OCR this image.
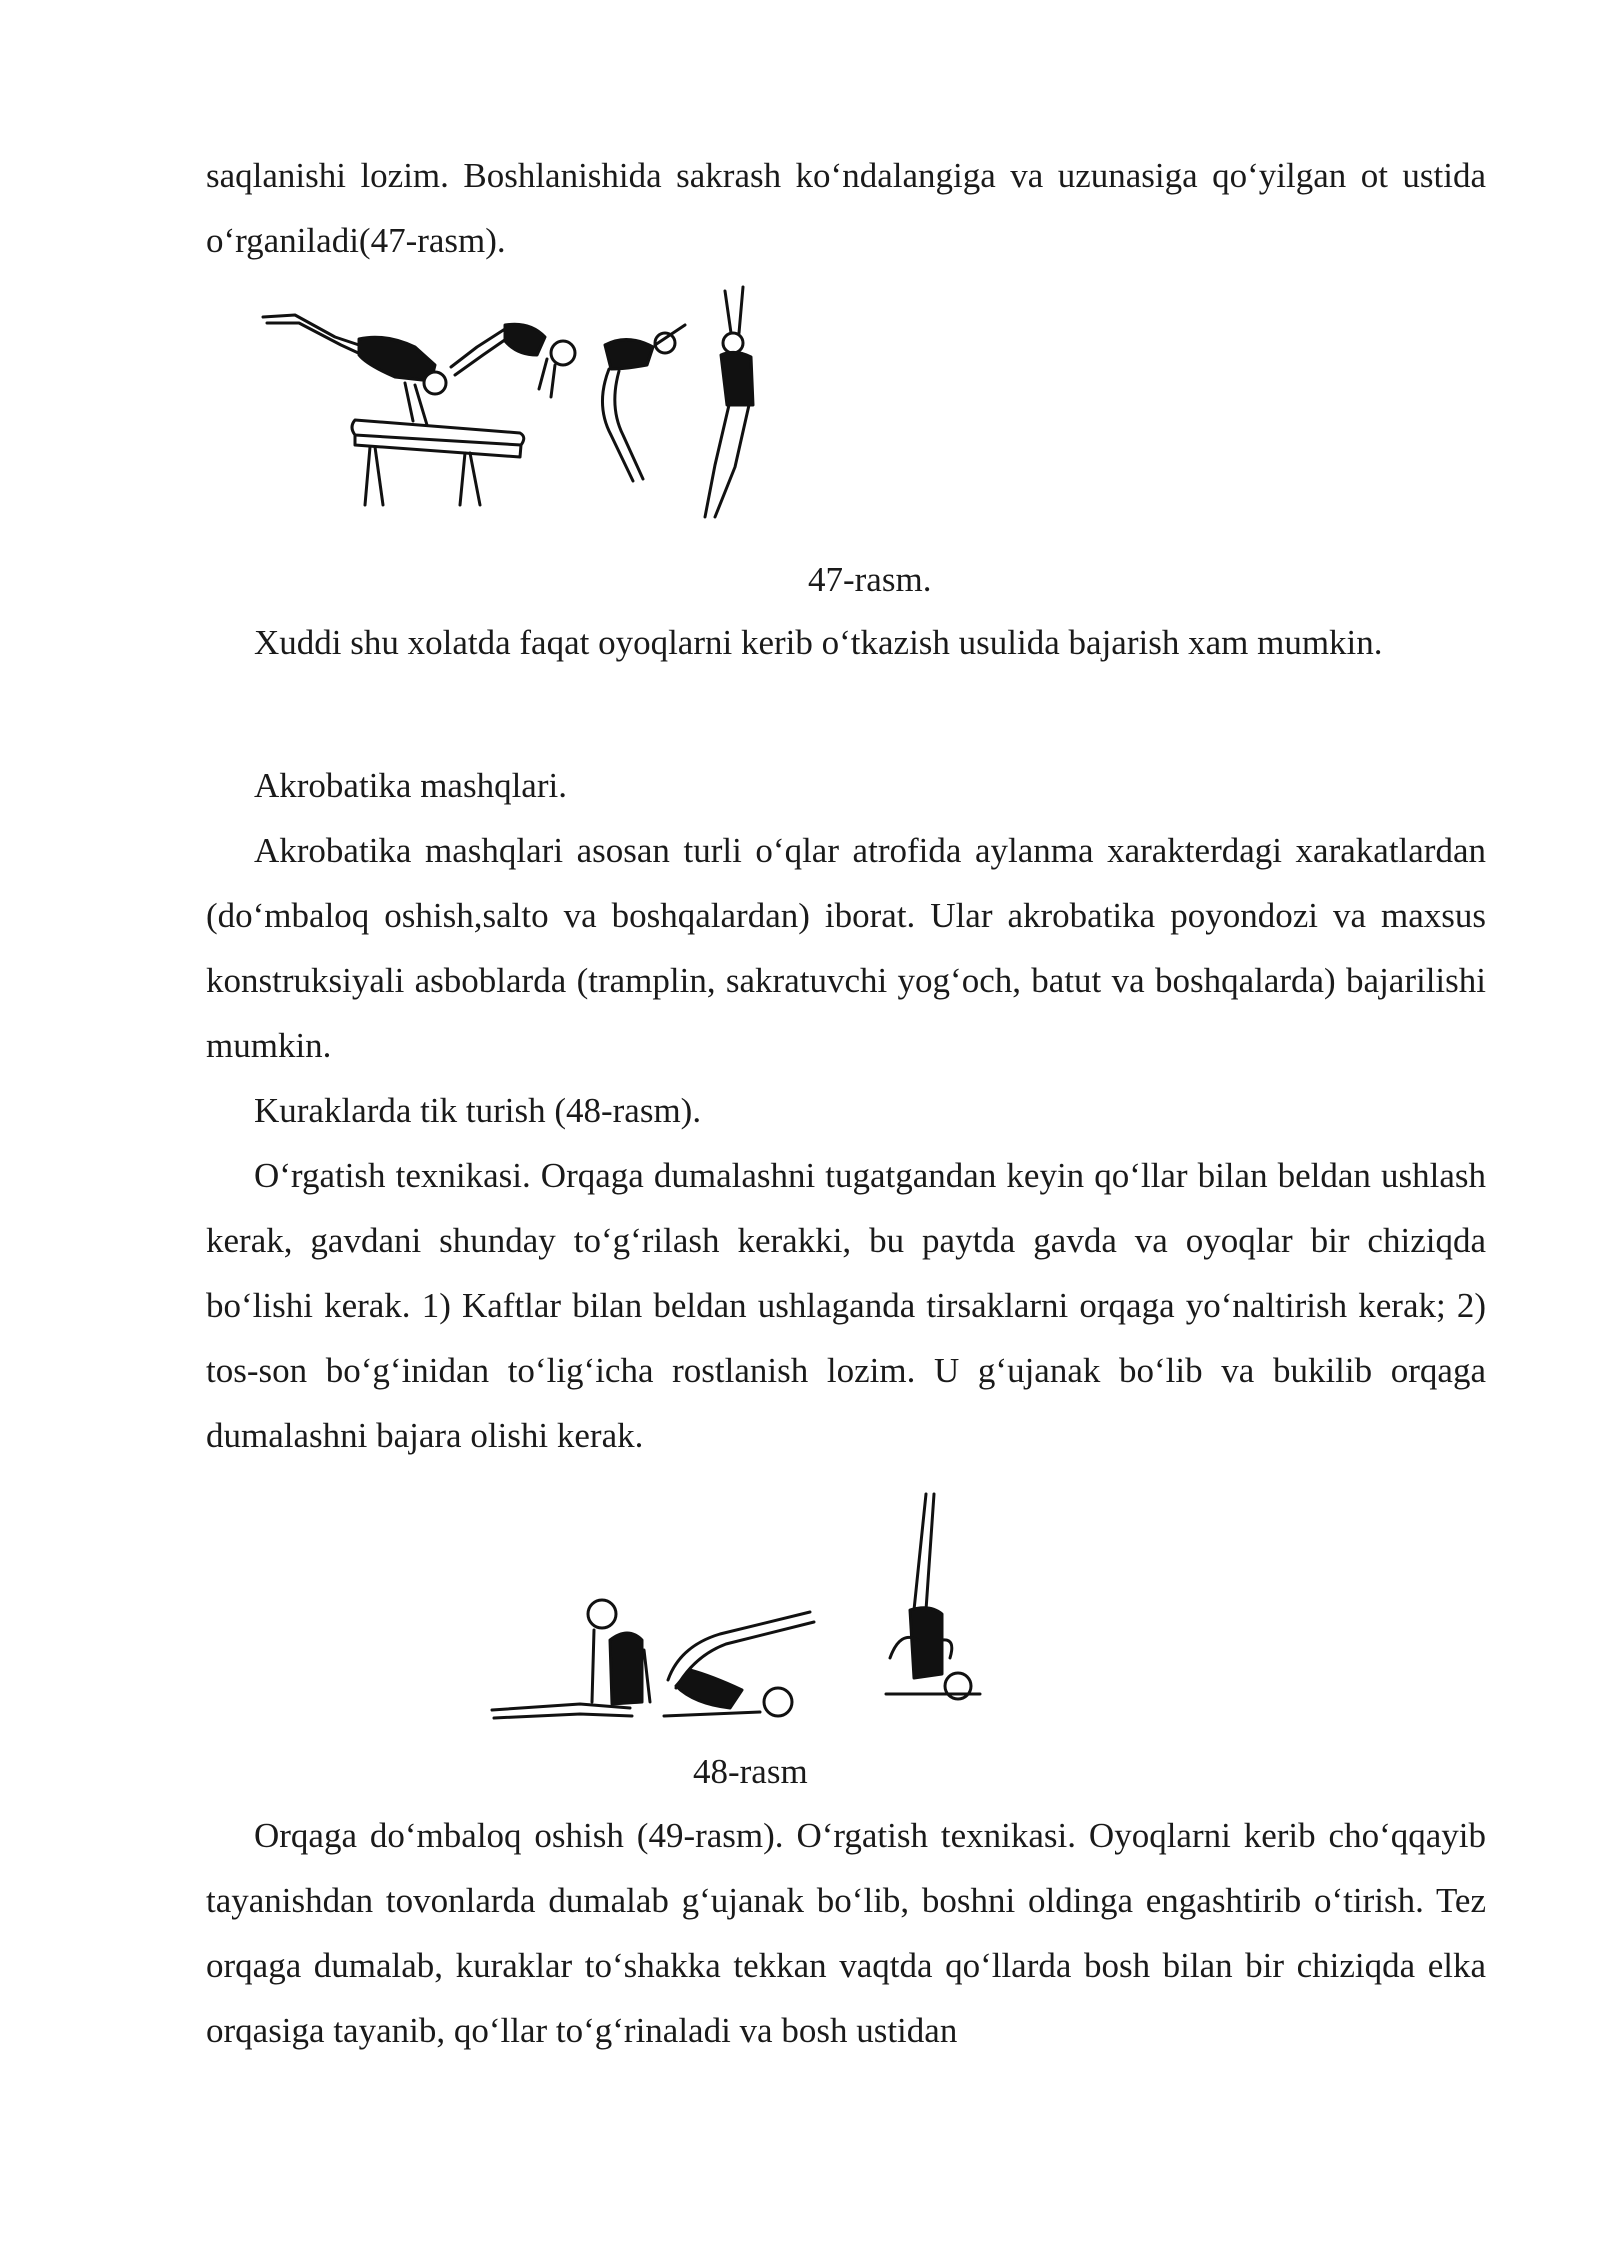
saqlanishi lozim. Boshlanishida sakrash ko‘ndalangiga va uzunasiga qo‘yilgan ot ustida o‘rganiladi(47-rasm).

47-rasm.

Xuddi shu xolatda faqat oyoqlarni kerib o‘tkazish usulida bajarish xam mumkin.

Akrobatika mashqlari.

Akrobatika mashqlari asosan turli o‘qlar atrofida aylanma xarakterdagi xarakatlardan (do‘mbaloq oshish,salto va boshqalardan) iborat. Ular akrobatika poyondozi va maxsus konstruksiyali asboblarda (tramplin, sakratuvchi yog‘och, batut va boshqalarda) bajarilishi mumkin.

Kuraklarda tik turish (48-rasm).

O‘rgatish texnikasi. Orqaga dumalashni tugatgandan keyin qo‘llar bilan beldan ushlash kerak, gavdani shunday to‘g‘rilash kerakki, bu paytda gavda va oyoqlar bir chiziqda bo‘lishi kerak. 1) Kaftlar bilan beldan ushlaganda tirsaklarni orqaga yo‘naltirish kerak; 2) tos-son bo‘g‘inidan to‘lig‘icha rostlanish lozim. U g‘ujanak bo‘lib va bukilib orqaga dumalashni bajara olishi kerak.

48-rasm

Orqaga do‘mbaloq oshish (49-rasm). O‘rgatish texnikasi. Oyoqlarni kerib cho‘qqayib tayanishdan tovonlarda dumalab g‘ujanak bo‘lib, boshni oldinga engashtirib o‘tirish. Tez orqaga dumalab, kuraklar to‘shakka tekkan vaqtda qo‘llarda bosh bilan bir chiziqda elka orqasiga tayanib, qo‘llar to‘g‘rinaladi va bosh ustidan
